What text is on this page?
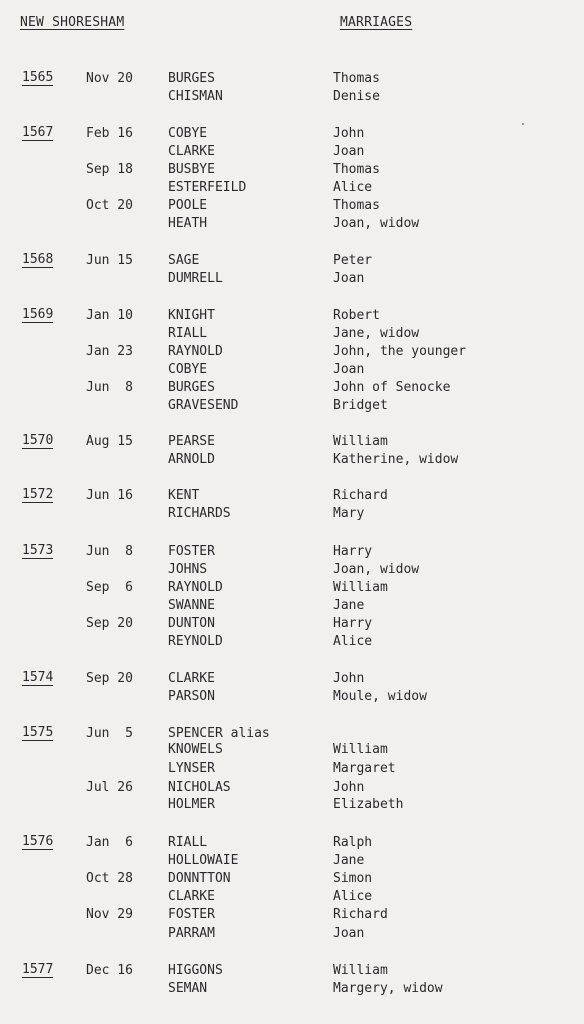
NEW SHORESHAM	MARRIAGES
1565	Nov 20	BURGES	Thomas
CHISMAN	Denise
1567	Feb 16	COBYE	John
CLARKE	Joan
Sep 18	BUSBYE	Thomas
ESTERFEILD	Alice
Oct 20	POOLE	Thomas
HEATH	Joan, widow
1568	Jun 15	SAGE	Peter
DUMRELL	Joan
1569	Jan 10	KNIGHT	Robert
RIALL	Jane, widow
Jan 23	RAYNOLD	John, the younger
COBYE	Joan
Jun  8	BURGES	John of Senocke
GRAVESEND	Bridget
1570	Aug 15	PEARSE	William
ARNOLD	Katherine, widow
1572	Jun 16	KENT	Richard
RICHARDS	Mary
1573	Jun  8	FOSTER	Harry
JOHNS	Joan, widow
Sep  6	RAYNOLD	William
SWANNE	Jane
Sep 20	DUNTON	Harry
REYNOLD	Alice
1574	Sep 20	CLARKE	John
PARSON	Moule, widow
1575	Jun  5	SPENCER alias
KNOWELS	William
LYNSER	Margaret
Jul 26	NICHOLAS	John
HOLMER	Elizabeth
1576	Jan  6	RIALL	Ralph
HOLLOWAIE	Jane
Oct 28	DONNTTON	Simon
CLARKE	Alice
Nov 29	FOSTER	Richard
PARRAM	Joan
1577	Dec 16	HIGGONS	William
SEMAN	Margery, widow
